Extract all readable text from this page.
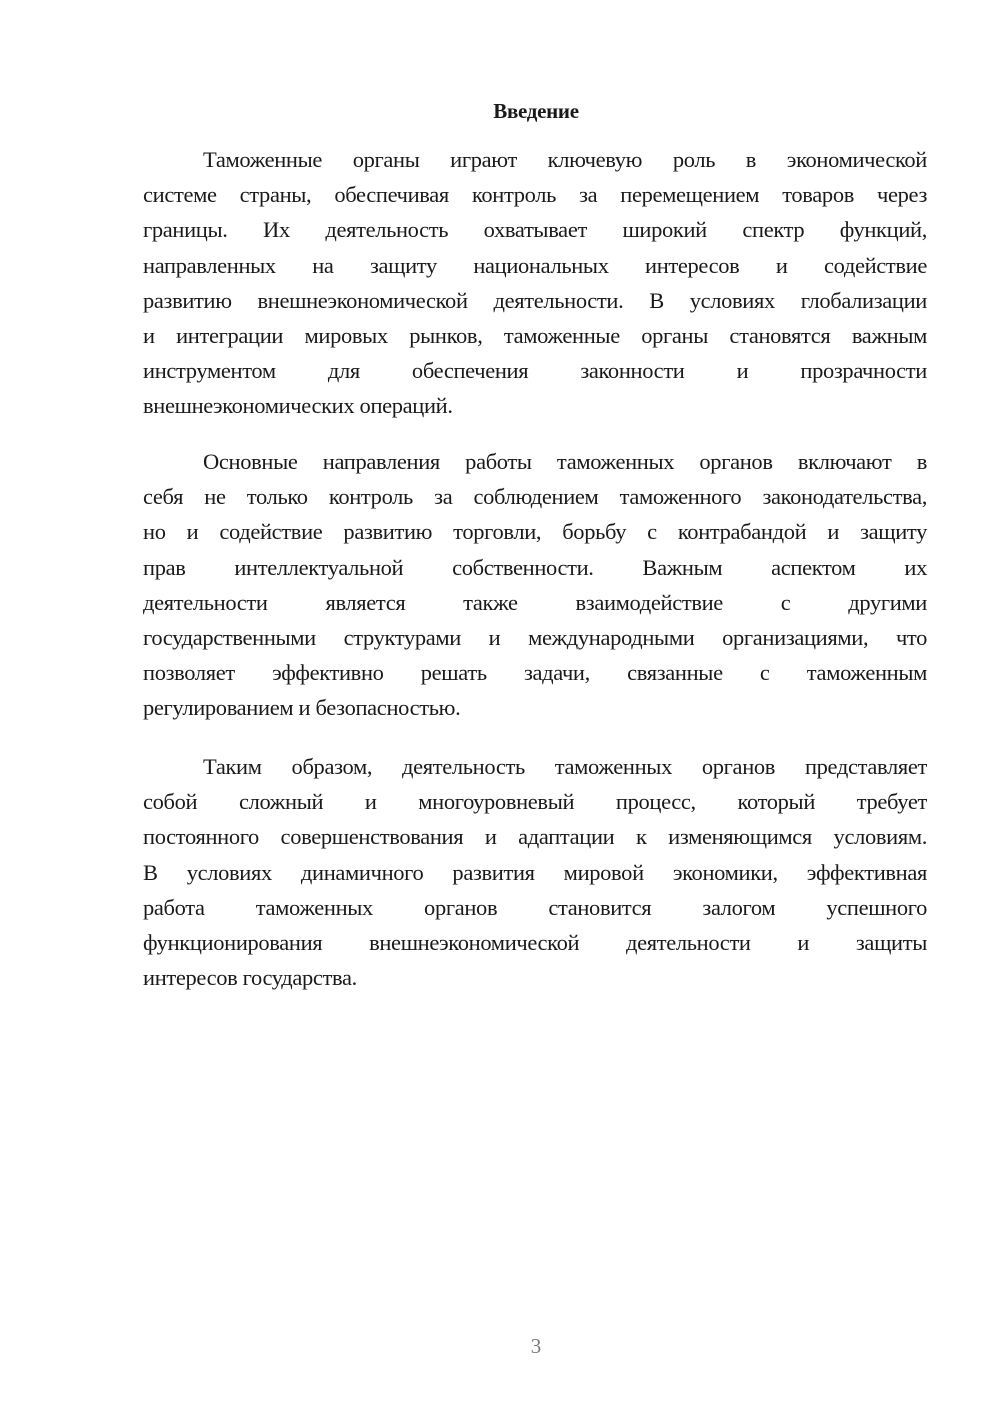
Введение
Таможенные органы играют ключевую роль в экономической
системе страны, обеспечивая контроль за перемещением товаров через
границы. Их деятельность охватывает широкий спектр функций,
направленных на защиту национальных интересов и содействие
развитию внешнеэкономической деятельности. В условиях глобализации
и интеграции мировых рынков, таможенные органы становятся важным
инструментом для обеспечения законности и прозрачности
внешнеэкономических операций.
Основные направления работы таможенных органов включают в
себя не только контроль за соблюдением таможенного законодательства,
но и содействие развитию торговли, борьбу с контрабандой и защиту
прав интеллектуальной собственности. Важным аспектом их
деятельности является также взаимодействие с другими
государственными структурами и международными организациями, что
позволяет эффективно решать задачи, связанные с таможенным
регулированием и безопасностью.
Таким образом, деятельность таможенных органов представляет
собой сложный и многоуровневый процесс, который требует
постоянного совершенствования и адаптации к изменяющимся условиям.
В условиях динамичного развития мировой экономики, эффективная
работа таможенных органов становится залогом успешного
функционирования внешнеэкономической деятельности и защиты
интересов государства.
3
